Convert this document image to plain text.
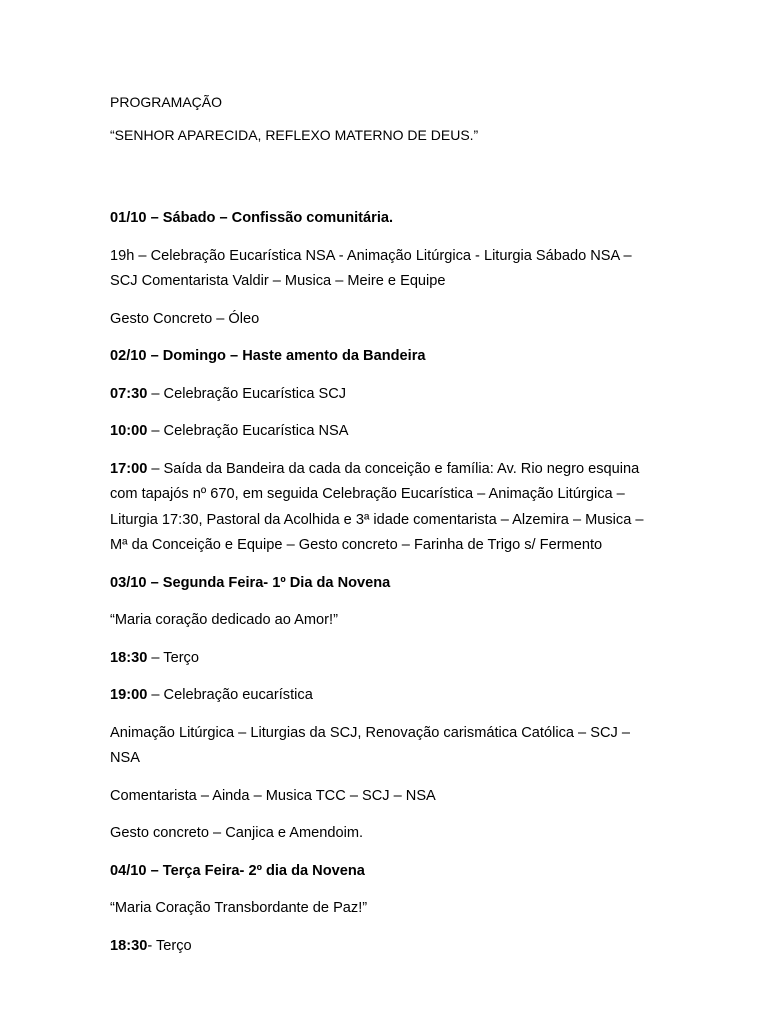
PROGRAMAÇÃO

“SENHOR APARECIDA, REFLEXO MATERNO DE DEUS.”

01/10 – Sábado – Confissão comunitária.

19h – Celebração Eucarística NSA - Animação Litúrgica - Liturgia Sábado NSA – SCJ Comentarista Valdir – Musica – Meire e Equipe

Gesto Concreto – Óleo

02/10 – Domingo – Haste amento da Bandeira

07:30 – Celebração Eucarística SCJ

10:00 – Celebração Eucarística NSA

17:00 – Saída da Bandeira da cada da conceição e família: Av. Rio negro esquina com tapajós nº 670, em seguida Celebração Eucarística – Animação Litúrgica – Liturgia 17:30, Pastoral da Acolhida e 3ª idade comentarista – Alzemira – Musica – Mª da Conceição e Equipe – Gesto concreto – Farinha de Trigo s/ Fermento

03/10 – Segunda Feira- 1º Dia da Novena

“Maria coração dedicado ao Amor!”

18:30 – Terço

19:00 – Celebração eucarística

Animação Litúrgica – Liturgias da SCJ, Renovação carismática Católica – SCJ – NSA

Comentarista – Ainda – Musica TCC – SCJ – NSA

Gesto concreto – Canjica e Amendoim.

04/10 – Terça Feira- 2º dia da Novena

“Maria Coração Transbordante de Paz!”

18:30- Terço
